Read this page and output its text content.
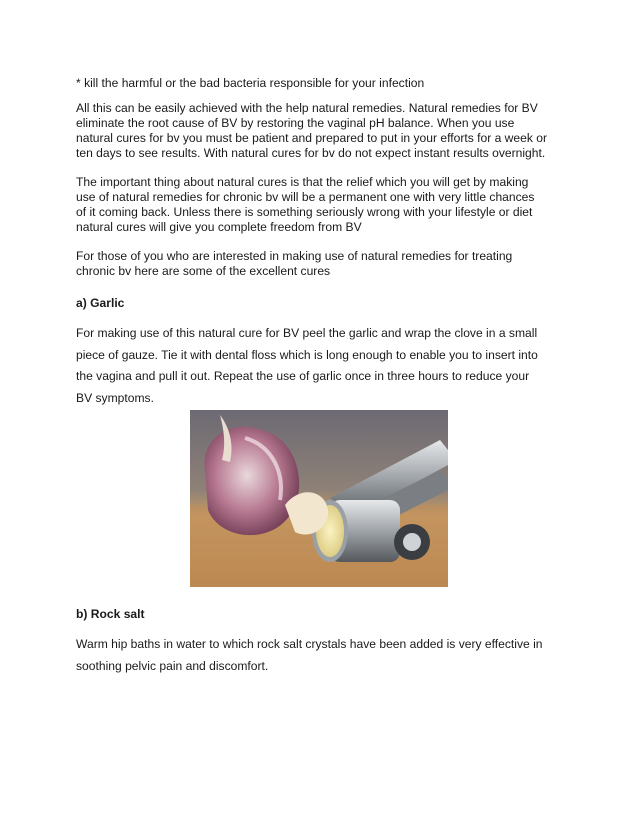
* kill the harmful or the bad bacteria responsible for your infection

All this can be easily achieved with the help natural remedies. Natural remedies for BV
eliminate the root cause of BV by restoring the vaginal pH balance. When you use
natural cures for bv you must be patient and prepared to put in your efforts for a week or
ten days to see results. With natural cures for bv do not expect instant results overnight.
The important thing about natural cures is that the relief which you will get by making
use of natural remedies for chronic bv will be a permanent one with very little chances
of it coming back. Unless there is something seriously wrong with your lifestyle or diet
natural cures will give you complete freedom from BV
For those of you who are interested in making use of natural remedies for treating
chronic bv here are some of the excellent cures

a) Garlic

For making use of this natural cure for BV peel the garlic and wrap the clove in a small
piece of gauze. Tie it with dental floss which is long enough to enable you to insert into
the vagina and pull it out. Repeat the use of garlic once in three hours to reduce your
BV symptoms.

b) Rock salt

Warm hip baths in water to which rock salt crystals have been added is very effective in
soothing pelvic pain and discomfort.
